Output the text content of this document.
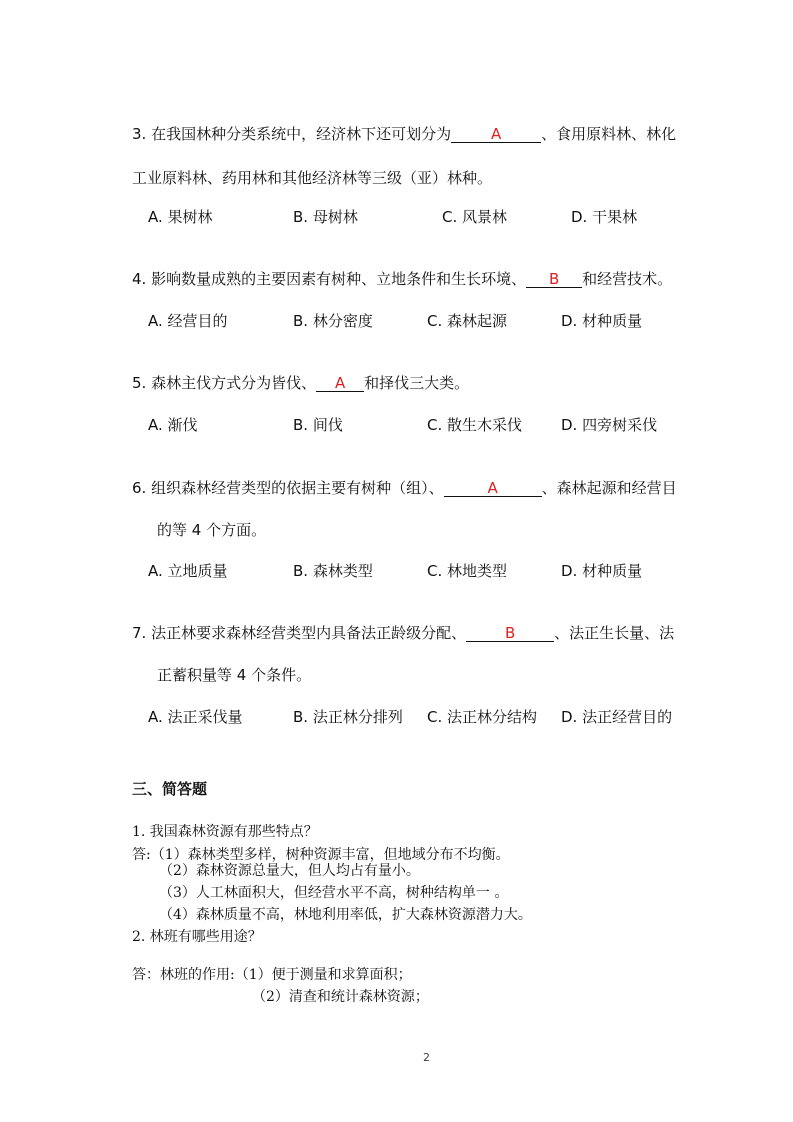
3. 在我国林种分类系统中，经济林下还可划分为	A	、食用原料林、林化
工业原料林、药用林和其他经济林等三级（亚）林种。
A. 果树林	B. 母树林	C. 风景林	D. 干果林
4. 影响数量成熟的主要因素有树种、立地条件和生长环境、 B 和经营技术。
A. 经营目的	B. 林分密度	C. 森林起源	D. 材种质量
5. 森林主伐方式分为皆伐、 A 和择伐三大类。
A. 渐伐	B. 间伐	C. 散生木采伐	D. 四旁树采伐
6. 组织森林经营类型的依据主要有树种（组）、	A	、森林起源和经营目
的等 4 个方面。
A. 立地质量	B. 森林类型	C. 林地类型	D. 材种质量
7. 法正林要求森林经营类型内具备法正龄级分配、	B	、法正生长量、法
正蓄积量等 4 个条件。
A. 法正采伐量	B. 法正林分排列 C. 法正林分结构 D. 法正经营目的
三、简答题
1. 我国森林资源有那些特点？
答:（1）森林类型多样，树种资源丰富，但地域分布不均衡。
（2）森林资源总量大，但人均占有量小。
（3）人工林面积大，但经营水平不高，树种结构单一 。
（4）森林质量不高，林地利用率低，扩大森林资源潜力大。
2. 林班有哪些用途？
答：林班的作用:（1）便于测量和求算面积；
（2）清查和统计森林资源；
2
